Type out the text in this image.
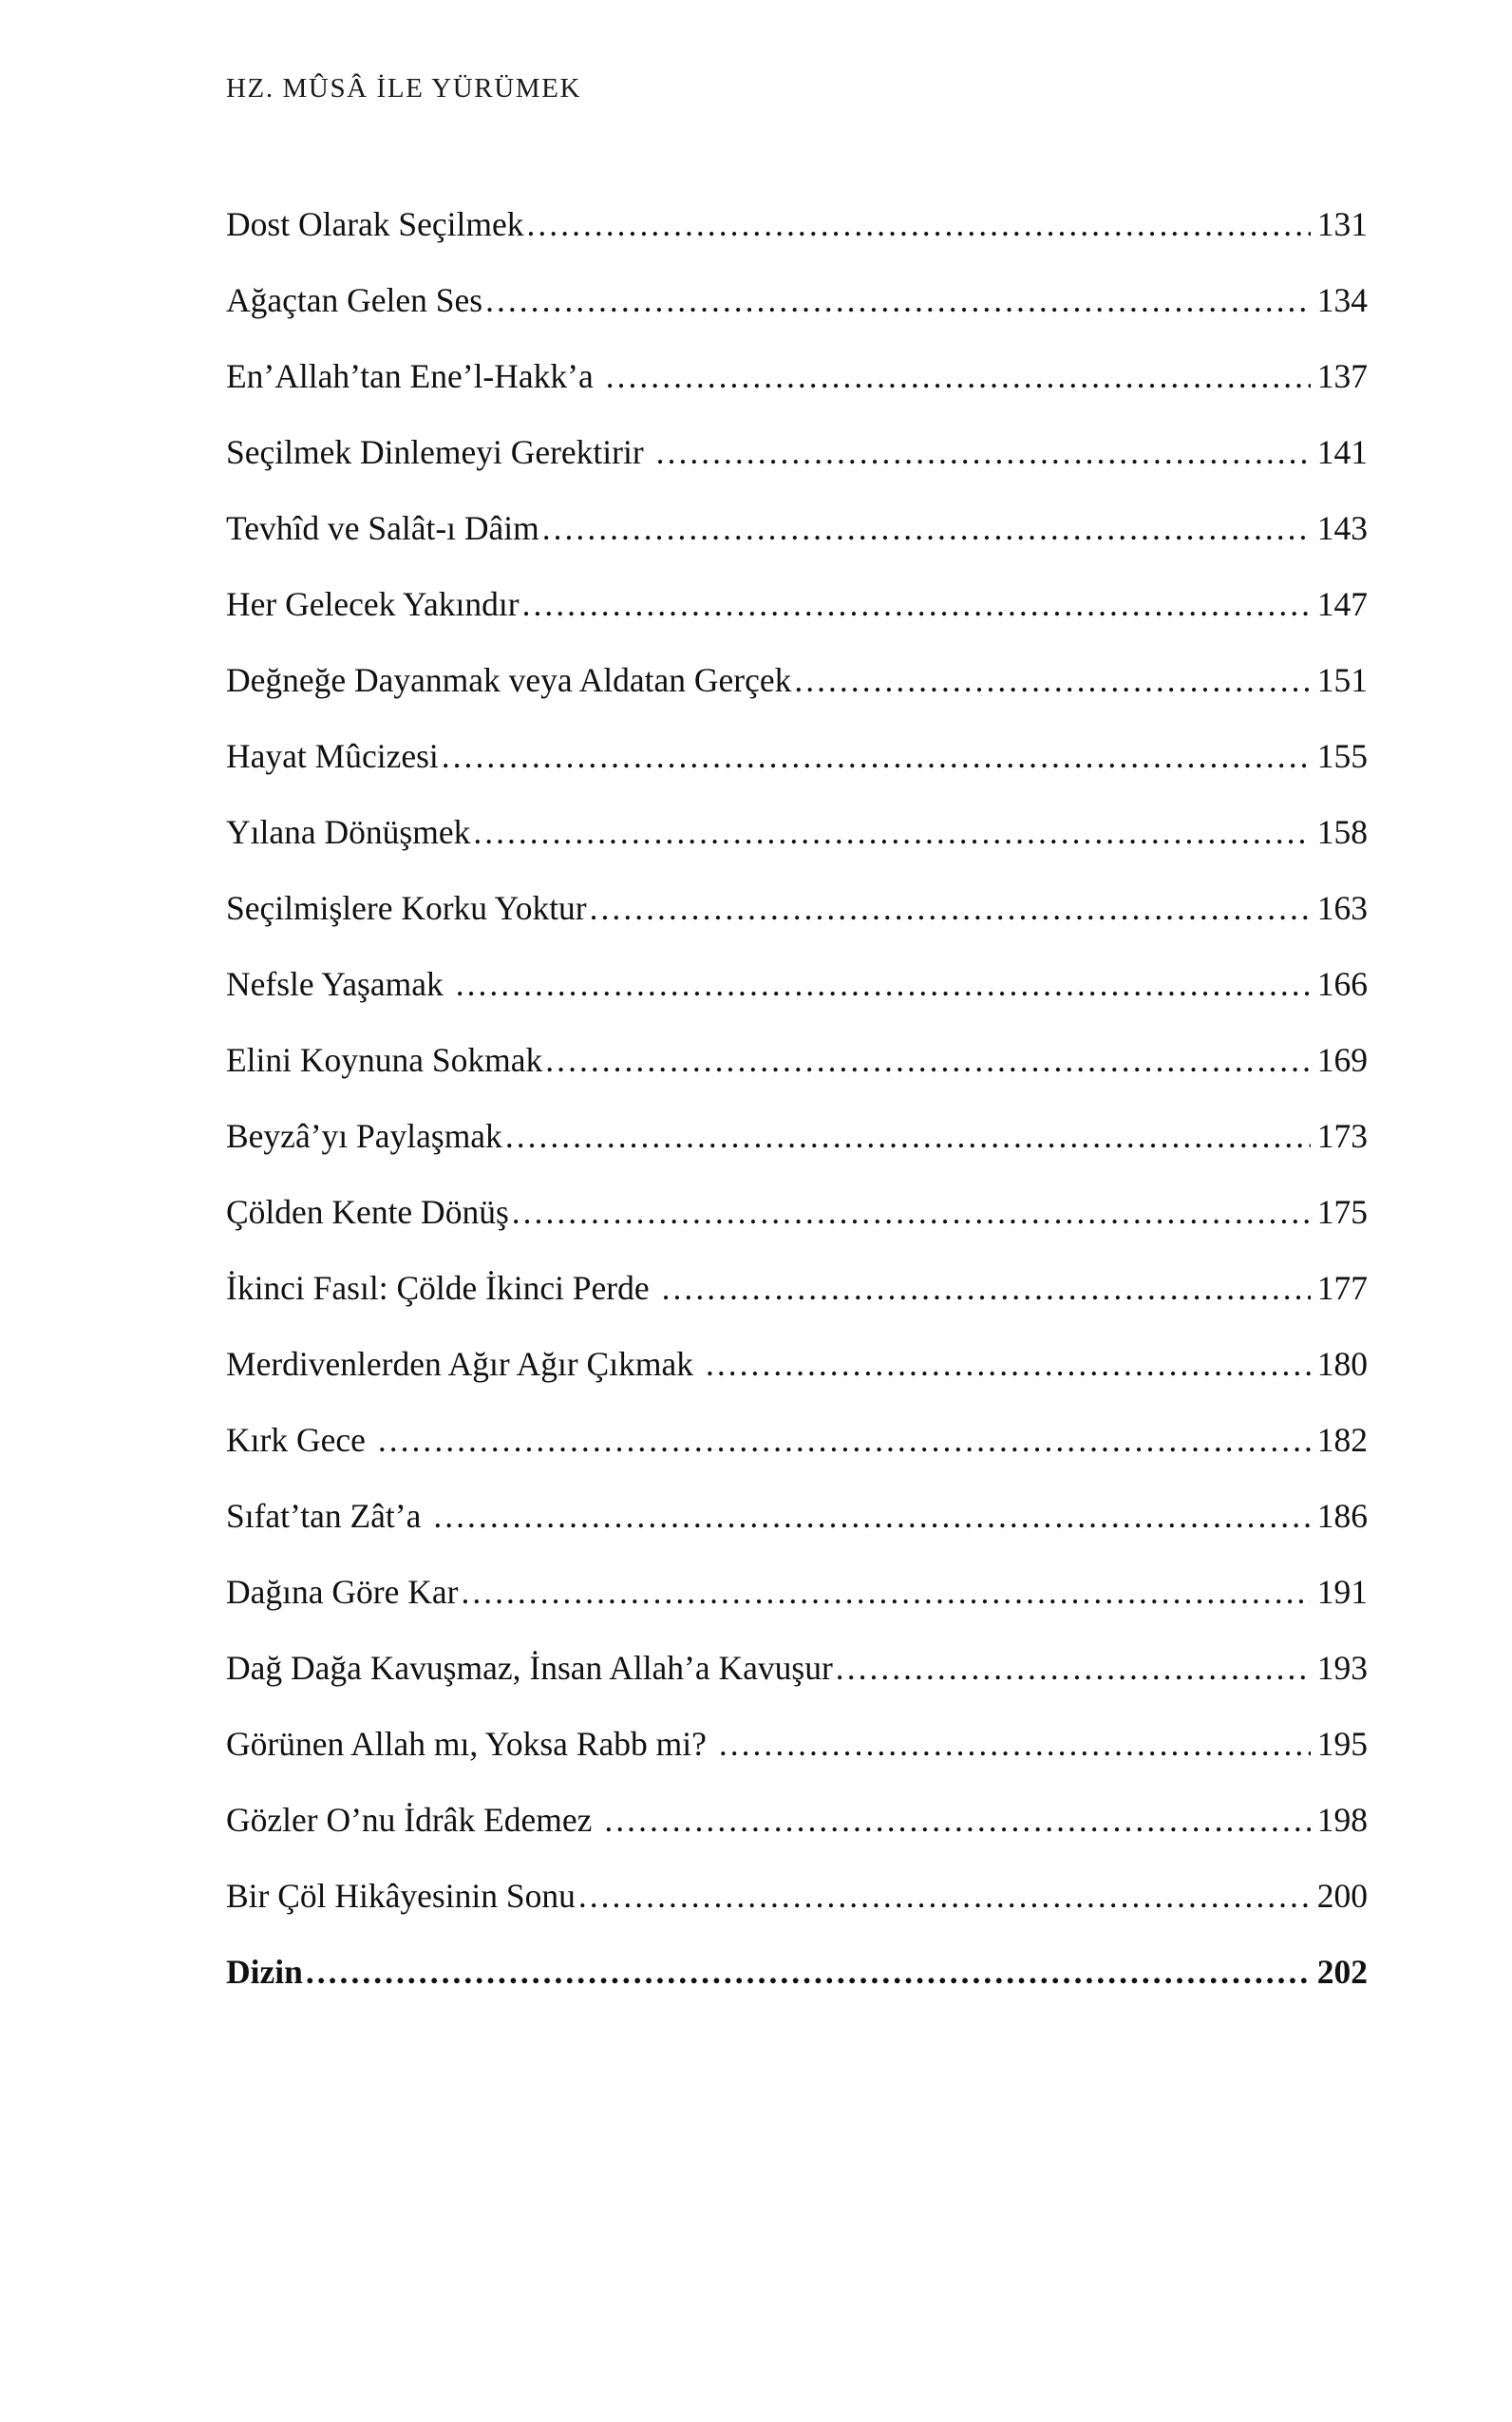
HZ. MÛSÂ İLE YÜRÜMEK
Dost Olarak Seçilmek .....	131
Ağaçtan Gelen Ses .....	134
En’Allah’tan Ene’l-Hakk’a .....	137
Seçilmek Dinlemeyi Gerektirir .....	141
Tevhîd ve Salât-ı Dâim .....	143
Her Gelecek Yakındır .....	147
Değneğe Dayanmak veya Aldatan Gerçek .....	151
Hayat Mûcizesi .....	155
Yılana Dönüşmek .....	158
Seçilmişlere Korku Yoktur .....	163
Nefsle Yaşamak .....	166
Elini Koynuna Sokmak .....	169
Beyzâ’yı Paylaşmak .....	173
Çölden Kente Dönüş .....	175
İkinci Fasıl: Çölde İkinci Perde .....	177
Merdivenlerden Ağır Ağır Çıkmak .....	180
Kırk Gece .....	182
Sıfat’tan Zât’a .....	186
Dağına Göre Kar .....	191
Dağ Dağa Kavuşmaz, İnsan Allah’a Kavuşur .....	193
Görünen Allah mı, Yoksa Rabb mi? .....	195
Gözler O’nu İdrâk Edemez .....	198
Bir Çöl Hikâyesinin Sonu .....	200
Dizin .....	202
